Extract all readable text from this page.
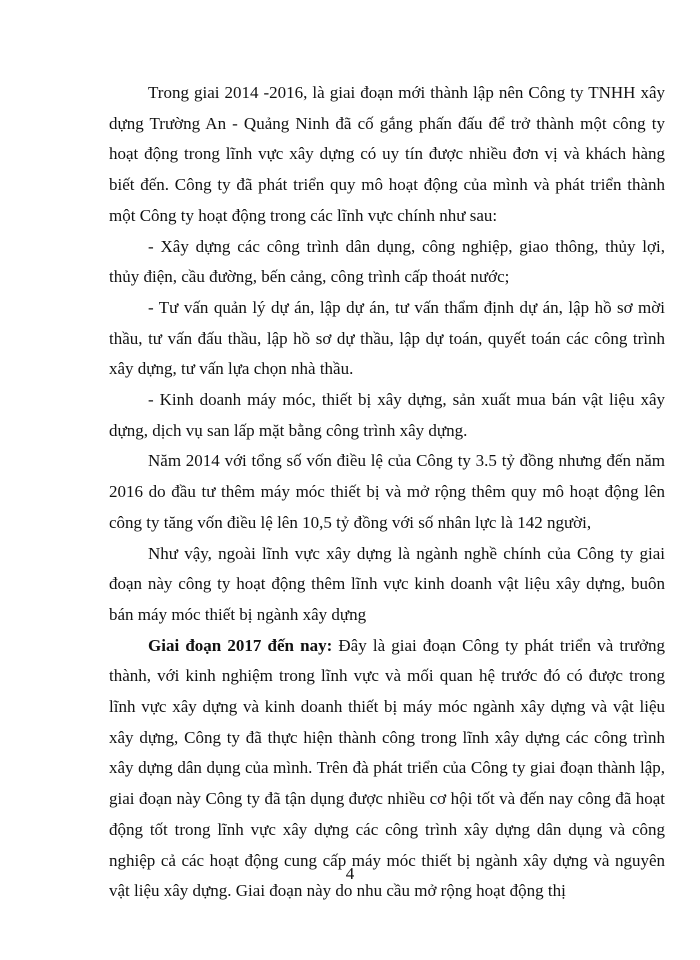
Trong giai 2014 -2016, là giai đoạn mới thành lập nên Công ty TNHH xây dựng Trường An - Quảng Ninh đã cố gắng phấn đấu để trở thành một công ty hoạt động trong lĩnh vực xây dựng có uy tín được nhiều đơn vị và khách hàng biết đến. Công ty đã phát triển quy mô hoạt động của mình và phát triển thành một Công ty hoạt động trong các lĩnh vực chính như sau:

- Xây dựng các công trình dân dụng, công nghiệp, giao thông, thủy lợi, thủy điện, cầu đường, bến cảng, công trình cấp thoát nước;

- Tư vấn quản lý dự án, lập dự án, tư vấn thẩm định dự án, lập hồ sơ mời thầu, tư vấn đấu thầu, lập hồ sơ dự thầu, lập dự toán, quyết toán các công trình xây dựng, tư vấn lựa chọn nhà thầu.

- Kinh doanh máy móc, thiết bị xây dựng, sản xuất mua bán vật liệu xây dựng, dịch vụ san lấp mặt bằng công trình xây dựng.

Năm 2014 với tổng số vốn điều lệ của Công ty 3.5 tỷ đồng nhưng đến năm 2016 do đầu tư thêm máy móc thiết bị và mở rộng thêm quy mô hoạt động lên công ty tăng vốn điều lệ lên 10,5 tỷ đồng với số nhân lực là 142 người,

Như vậy, ngoài lĩnh vực xây dựng là ngành nghề chính của Công ty giai đoạn này công ty hoạt động thêm lĩnh vực kinh doanh vật liệu xây dựng, buôn bán máy móc thiết bị ngành xây dựng

Giai đoạn 2017 đến nay: Đây là giai đoạn Công ty phát triển và trưởng thành, với kinh nghiệm trong lĩnh vực và mối quan hệ trước đó có được trong lĩnh vực xây dựng và kinh doanh thiết bị máy móc ngành xây dựng và vật liệu xây dựng, Công ty đã thực hiện thành công trong lĩnh xây dựng các công trình xây dựng dân dụng của mình. Trên đà phát triển của Công ty giai đoạn thành lập, giai đoạn này Công ty đã tận dụng được nhiều cơ hội tốt và đến nay công đã hoạt động tốt trong lĩnh vực xây dựng các công trình xây dựng dân dụng và công nghiệp cả các hoạt động cung cấp máy móc thiết bị ngành xây dựng và nguyên vật liệu xây dựng. Giai đoạn này do nhu cầu mở rộng hoạt động thị

4
